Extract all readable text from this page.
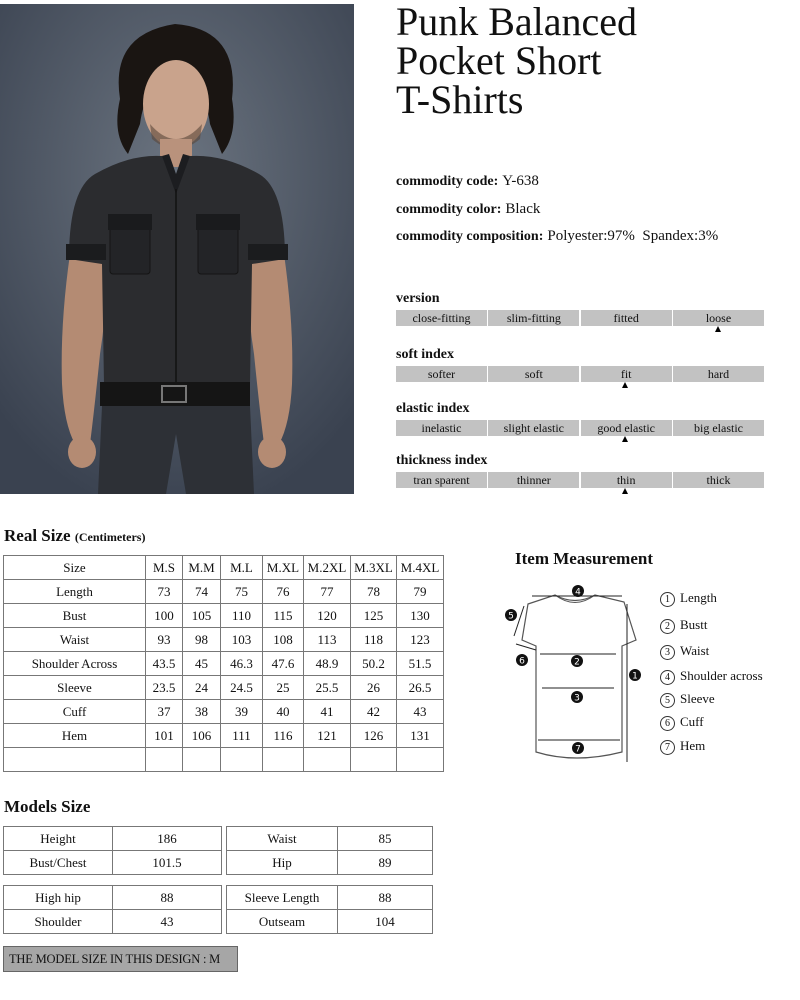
Punk Balanced
Pocket Short
T-Shirts
commodity code: Y-638
commodity color: Black
commodity composition: Polyester:97%  Spandex:3%
version
close-fitting	slim-fitting	fitted	loose
soft index
softer	soft	fit	hard
elastic index
inelastic	slight elastic	good elastic	big elastic
thickness index
tran sparent	thinner	thin	thick
Real Size (Centimeters)
Size	M.S	M.M	M.L	M.XL	M.2XL	M.3XL	M.4XL
Length	73	74	75	76	77	78	79
Bust	100	105	110	115	120	125	130
Waist	93	98	103	108	113	118	123
Shoulder Across	43.5	45	46.3	47.6	48.9	50.2	51.5
Sleeve	23.5	24	24.5	25	25.5	26	26.5
Cuff	37	38	39	40	41	42	43
Hem	101	106	111	116	121	126	131

Item Measurement
4
5
2
6
1
3
7
1 Length
2 Bustt
3 Waist
4 Shoulder across
5 Sleeve
6 Cuff
7 Hem
Models Size
Height	186
Bust/Chest	101.5
Waist	85
Hip	89
High hip	88
Shoulder	43
Sleeve Length	88
Outseam	104
THE MODEL SIZE IN THIS DESIGN : M
